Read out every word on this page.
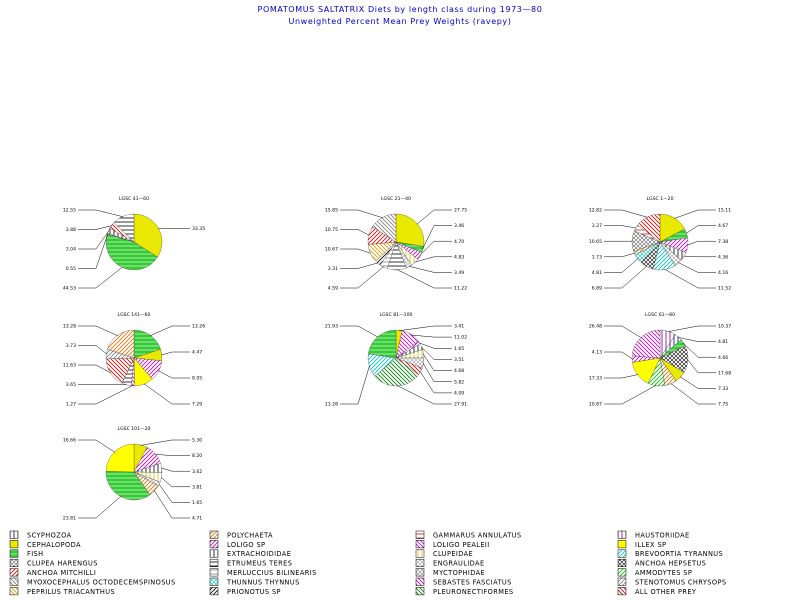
POMATOMUS SALTATRIX Diets by length class during 1973—80
Unweighted Percent Mean Prey Weights (ravepy)
LGSC 41—60
33.35
12.55
3.88
3.04
0.55
44.53
LGSC 21—40
27.75
3.46
4.70
4.83
3.49
11.22
15.85
10.75
10.67
3.31
4.59
LGSC 1—20
15.11
4.67
7.38
4.36
4.16
11.52
12.82
3.27
10.65
1.73
4.81
6.89
LGSC 141—60
13.26
4.47
8.05
7.29
13.28
3.73
11.63
3.65
1.27
LGSC 81—100
3.41
11.02
1.65
3.51
4.68
5.82
4.09
27.91
21.93
13.28
LGSC 61—80
10.37
4.81
4.66
17.68
7.33
7.75
26.48
4.13
17.33
10.87
LGSC 101—20
5.30
8.20
3.62
3.81
1.65
4.71
16.66
23.81
SCYPHOZOA
CEPHALOPODA
FISH
CLUPEA HARENGUS
ANCHOA MITCHILLI
MYOXOCEPHALUS OCTODECEMSPINOSUS
PEPRILUS TRIACANTHUS
POLYCHAETA
LOLIGO SP
EXTRACHOIDIDAE
ETRUMEUS TERES
MERLUCCIUS BILINEARIS
THUNNUS THYNNUS
PRIONOTUS SP
GAMMARUS ANNULATUS
LOLIGO PEALEII
CLUPEIDAE
ENGRAULIDAE
MYCTOPHIDAE
SEBASTES FASCIATUS
PLEURONECTIFORMES
HAUSTORIIDAE
ILLEX SP
BREVOORTIA TYRANNUS
ANCHOA HEPSETUS
AMMODYTES SP
STENOTOMUS CHRYSOPS
ALL OTHER PREY
